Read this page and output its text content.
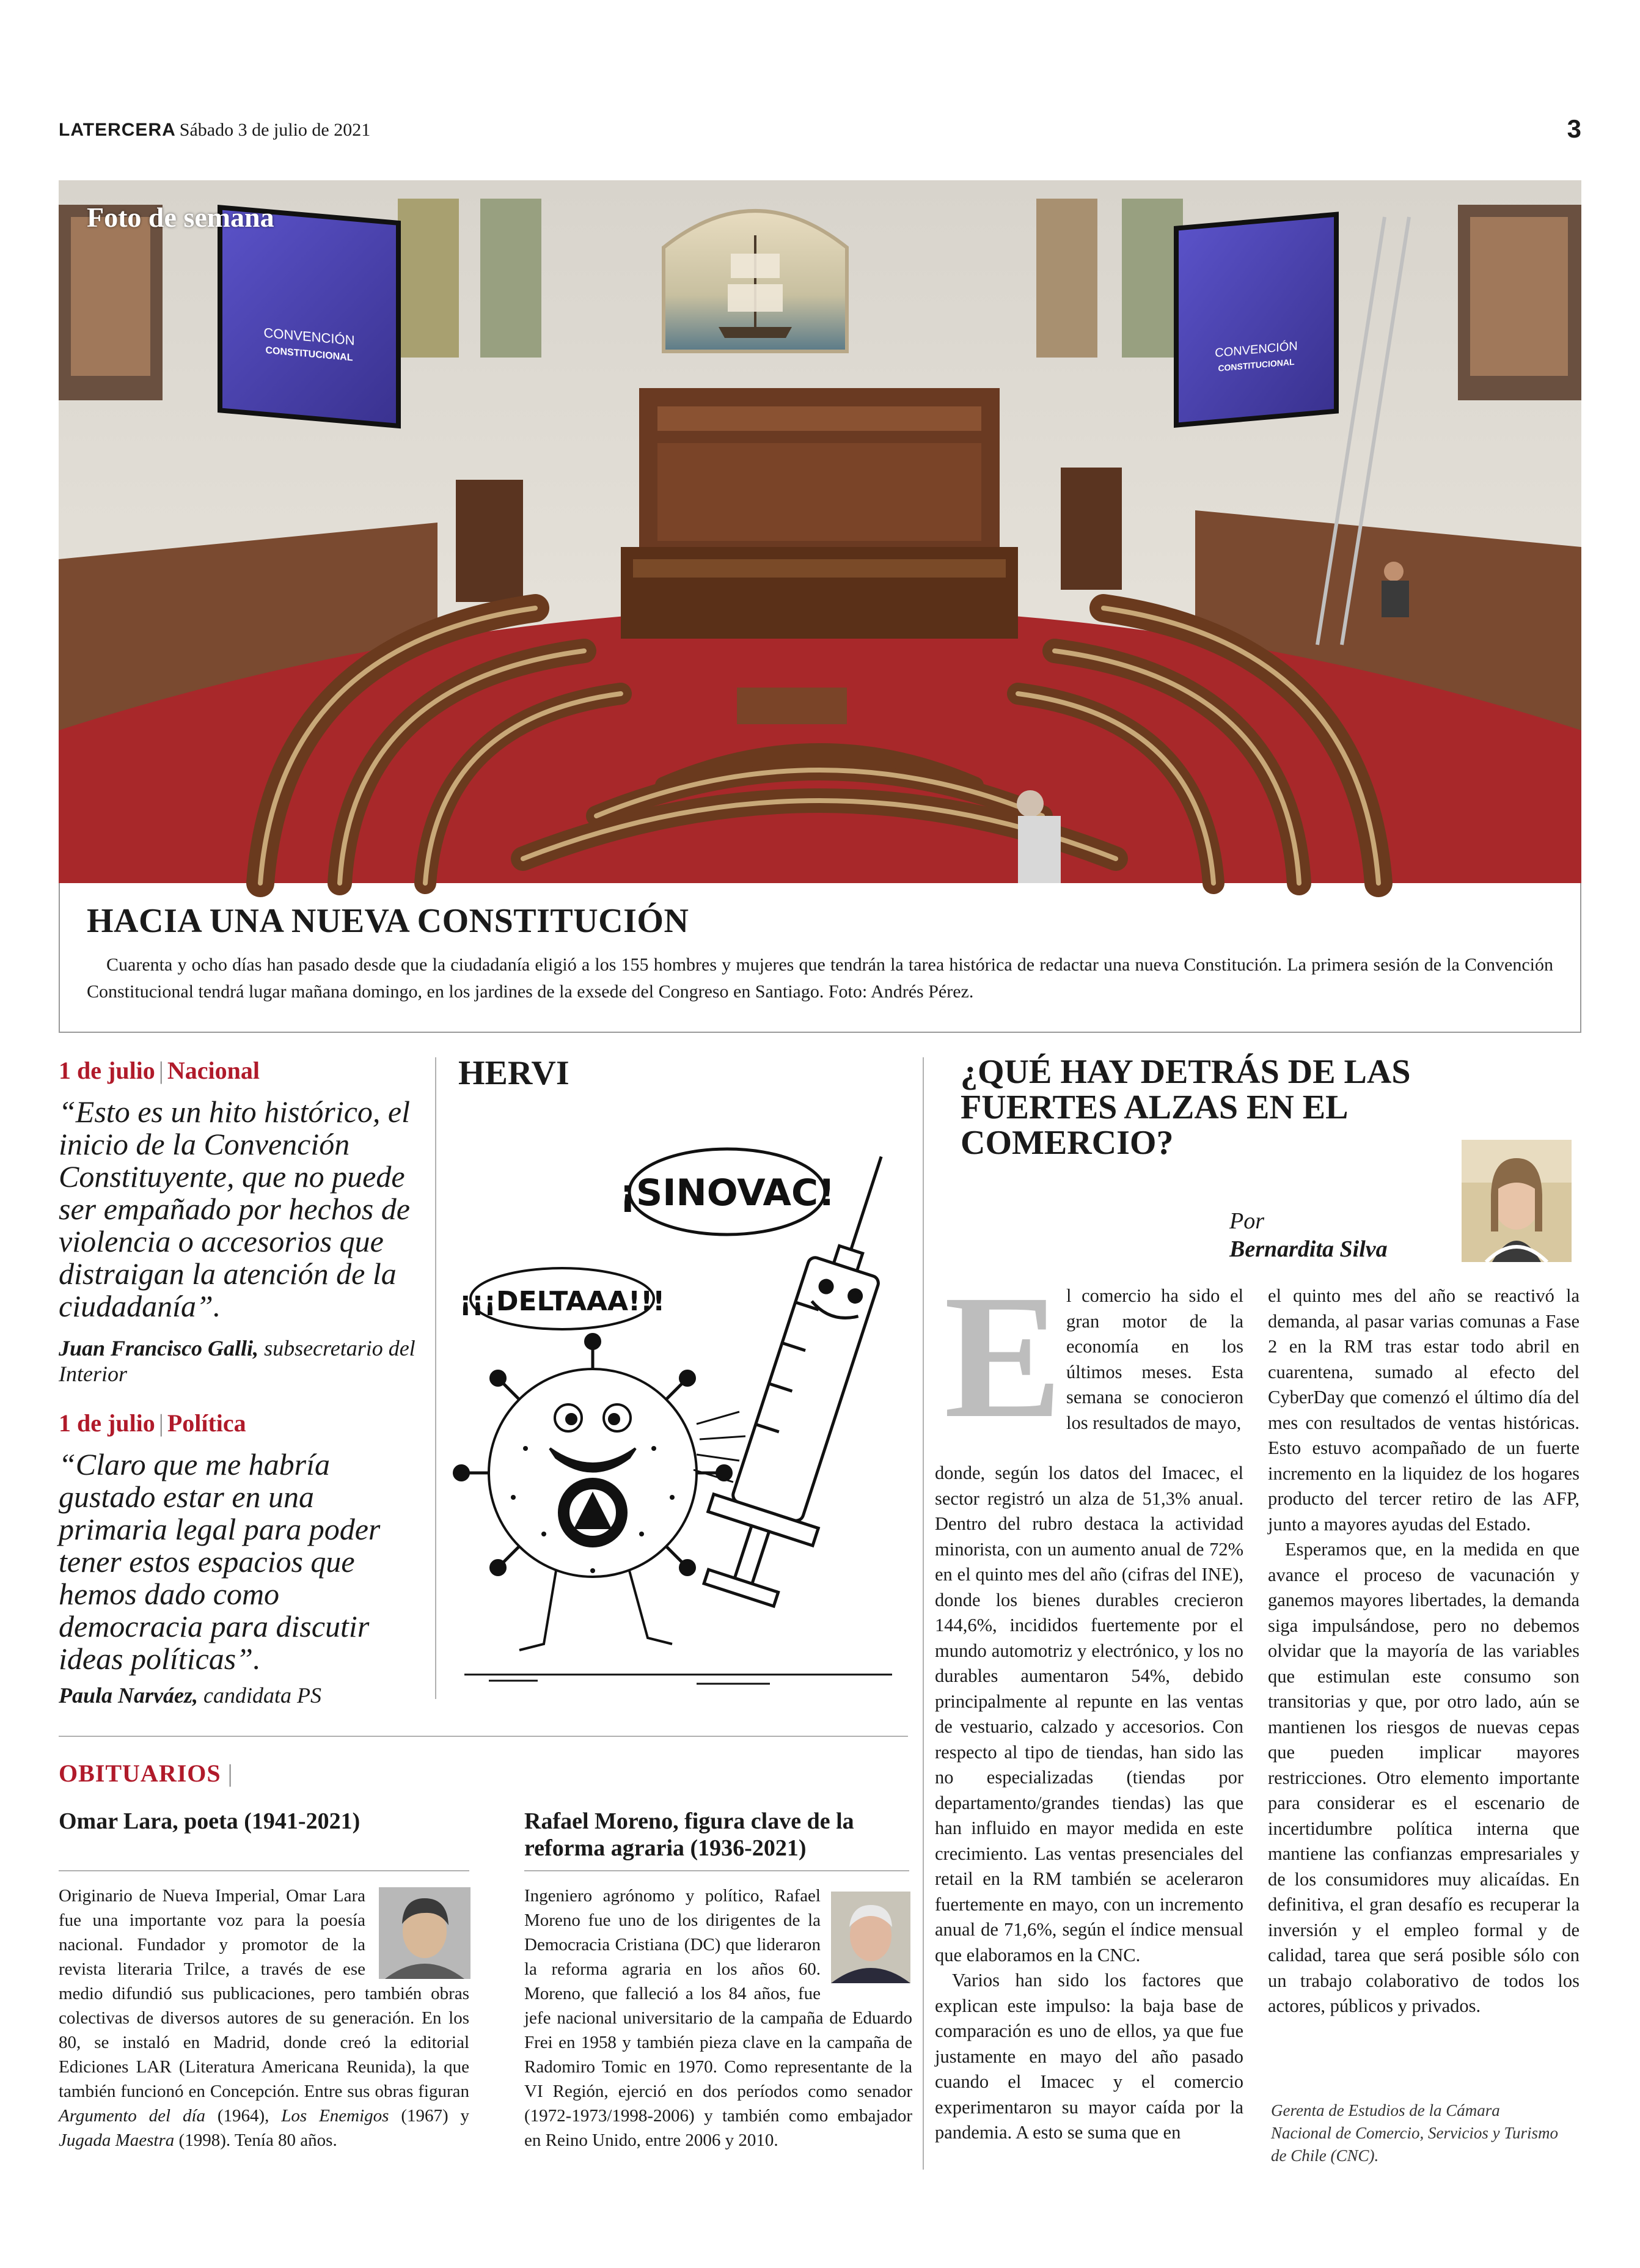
LATERCERA Sábado 3 de julio de 2021	3
CONVENCIÓN
CONSTITUCIONAL	CONVENCIÓN
CONSTITUCIONAL
Foto de semana
HACIA UNA NUEVA CONSTITUCIÓN

Cuarenta y ocho días han pasado desde que la ciudadanía eligió a los 155 hombres y mujeres que tendrán la tarea histórica de redactar una nueva Constitución. La primera sesión de la Convención Constitucional tendrá lugar mañana domingo, en los jardines de la exsede del Congreso en Santiago. Foto: Andrés Pérez.

1 de julio | Nacional
“Esto es un hito histórico, el inicio de la Convención Constituyente, que no puede ser empañado por hechos de violencia o accesorios que distraigan la atención de la ciudadanía”.
Juan Francisco Galli, subsecretario del Interior
1 de julio | Política
“Claro que me habría gustado estar en una primaria legal para poder tener estos espacios que hemos dado como democracia para discutir ideas políticas”.
Paula Narváez, candidata PS
HERVI
¡SINOVAC!
¡¡¡DELTAAA!!!
¿QUÉ HAY DETRÁS DE LAS FUERTES ALZAS EN EL COMERCIO?
Por
Bernardita Silva
E l comercio ha sido el gran motor de la economía en los últimos meses. Esta semana se conocieron los resultados de mayo,

donde, según los datos del Imacec, el sector registró un alza de 51,3% anual. Dentro del rubro destaca la actividad minorista, con un aumento anual de 72% en el quinto mes del año (cifras del INE), donde los bienes durables crecieron 144,6%, incididos fuertemente por el mundo automotriz y electrónico, y los no durables aumentaron 54%, debido principalmente al repunte en las ventas de vestuario, calzado y accesorios. Con respecto al tipo de tiendas, han sido las no especializadas (tiendas por departamento/grandes tiendas) las que han influido en mayor medida en este crecimiento. Las ventas presenciales del retail en la RM también se aceleraron fuertemente en mayo, con un incremento anual de 71,6%, según el índice mensual que elaboramos en la CNC.

Varios han sido los factores que explican este impulso: la baja base de comparación es uno de ellos, ya que fue justamente en mayo del año pasado cuando el Imacec y el comercio experimentaron su mayor caída por la pandemia. A esto se suma que en

el quinto mes del año se reactivó la demanda, al pasar varias comunas a Fase 2 en la RM tras estar todo abril en cuarentena, sumado al efecto del CyberDay que comenzó el último día del mes con resultados de ventas históricas. Esto estuvo acompañado de un fuerte incremento en la liquidez de los hogares producto del tercer retiro de las AFP, junto a mayores ayudas del Estado.

Esperamos que, en la medida en que avance el proceso de vacunación y ganemos mayores libertades, la demanda siga impulsándose, pero no debemos olvidar que la mayoría de las variables que estimulan este consumo son transitorias y que, por otro lado, aún se mantienen los riesgos de nuevas cepas que pueden implicar mayores restricciones. Otro elemento importante para considerar es el escenario de incertidumbre política interna que mantiene las confianzas empresariales y de los consumidores muy alicaídas. En definitiva, el gran desafío es recuperar la inversión y el empleo formal y de calidad, tarea que será posible sólo con un trabajo colaborativo de todos los actores, públicos y privados.

Gerenta de Estudios de la Cámara Nacional de Comercio, Servicios y Turismo de Chile (CNC).
OBITUARIOS |
Omar Lara, poeta (1941-2021)
Originario de Nueva Imperial, Omar Lara fue una importante voz para la poesía nacional. Fundador y promotor de la revista literaria Trilce, a través de ese medio difundió sus publicaciones, pero también obras colectivas de diversos autores de su generación. En los 80, se instaló en Madrid, donde creó la editorial Ediciones LAR (Literatura Americana Reunida), la que también funcionó en Concepción. Entre sus obras figuran Argumento del día (1964), Los Enemigos (1967) y Jugada Maestra (1998). Tenía 80 años.
Rafael Moreno, figura clave de la reforma agraria (1936-2021)
Ingeniero agrónomo y político, Rafael Moreno fue uno de los dirigentes de la Democracia Cristiana (DC) que lideraron la reforma agraria en los años 60. Moreno, que falleció a los 84 años, fue jefe nacional universitario de la campaña de Eduardo Frei en 1958 y también pieza clave en la campaña de Radomiro Tomic en 1970. Como representante de la VI Región, ejerció en dos períodos como senador (1972-1973/1998-2006) y también como embajador en Reino Unido, entre 2006 y 2010.
